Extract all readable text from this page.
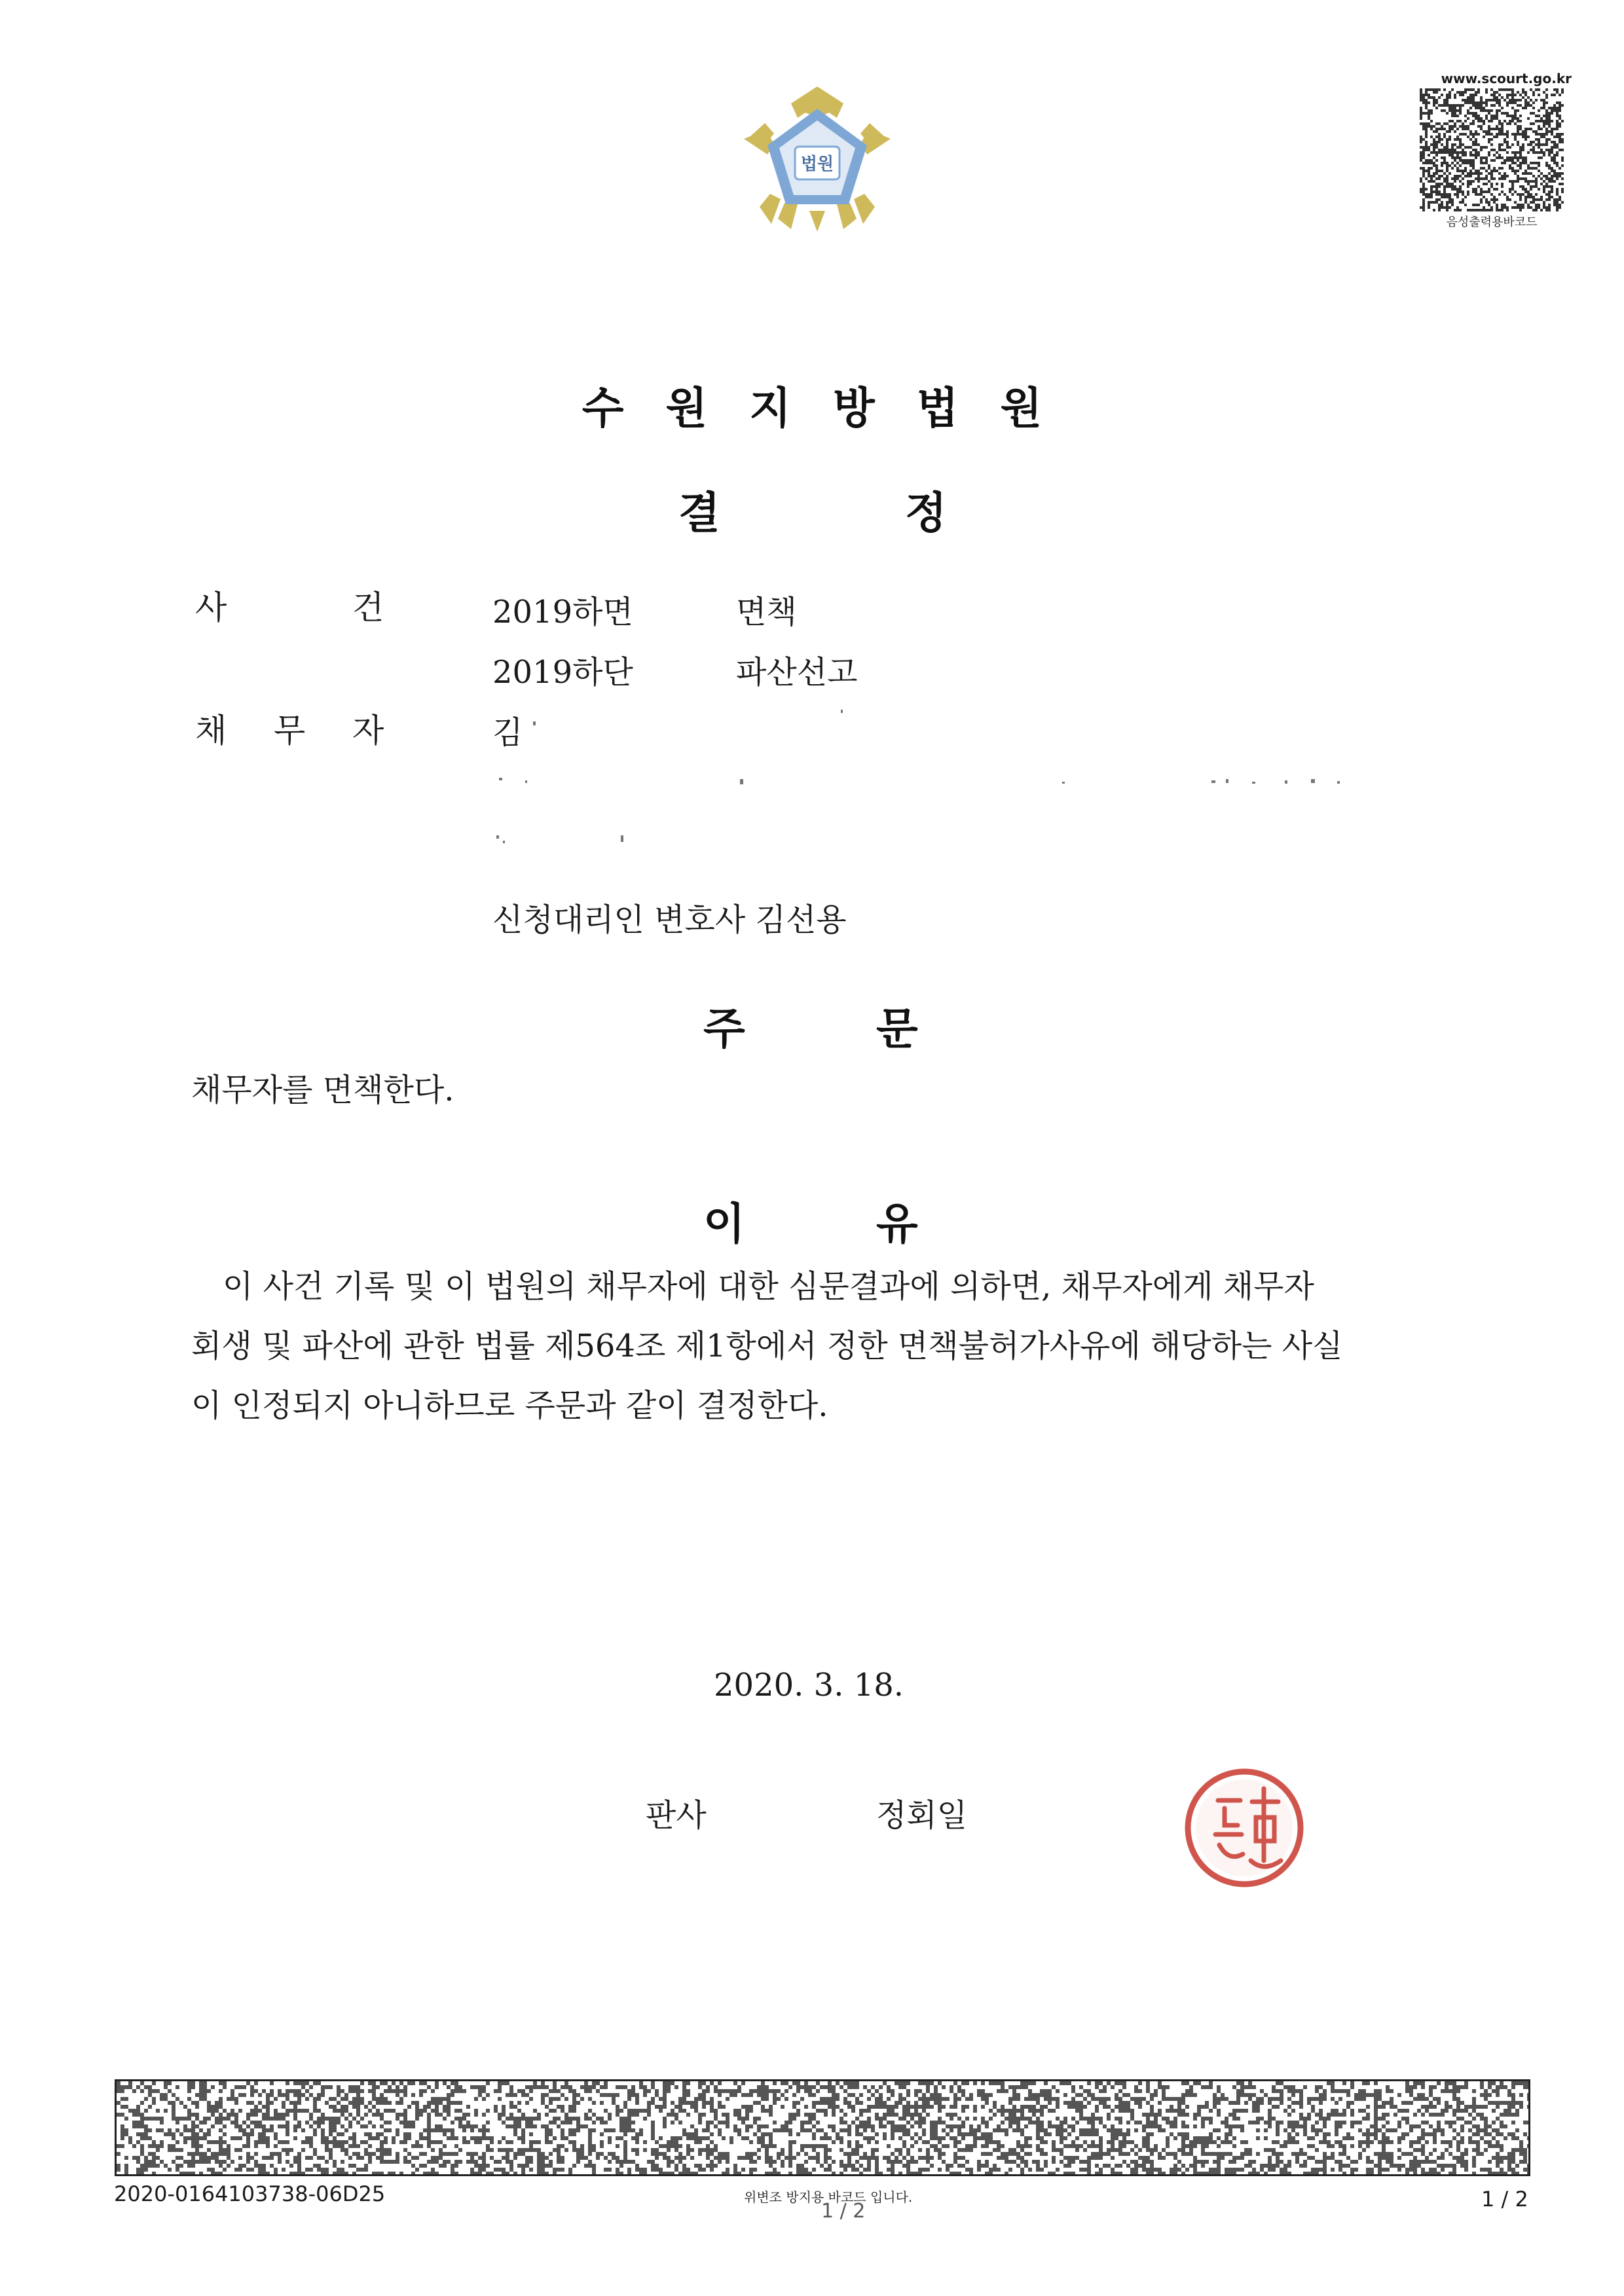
법원
www.scourt.go.kr
음성출력용바코드
수원지방법원
결	정
사	건	2019하면	면책
2019하단	파산선고
채 무 자	김
신청대리인 변호사 김선용
주	문
채무자를 면책한다.
이	유
이 사건 기록 및 이 법원의 채무자에 대한 심문결과에 의하면, 채무자에게 채무자
회생 및 파산에 관한 법률 제564조 제1항에서 정한 면책불허가사유에 해당하는 사실
이 인정되지 아니하므로 주문과 같이 결정한다.
2020. 3. 18.
판사	정회일
2020-0164103738-06D25	위변조 방지용 바코드 입니다.
1 / 2	1 / 2
